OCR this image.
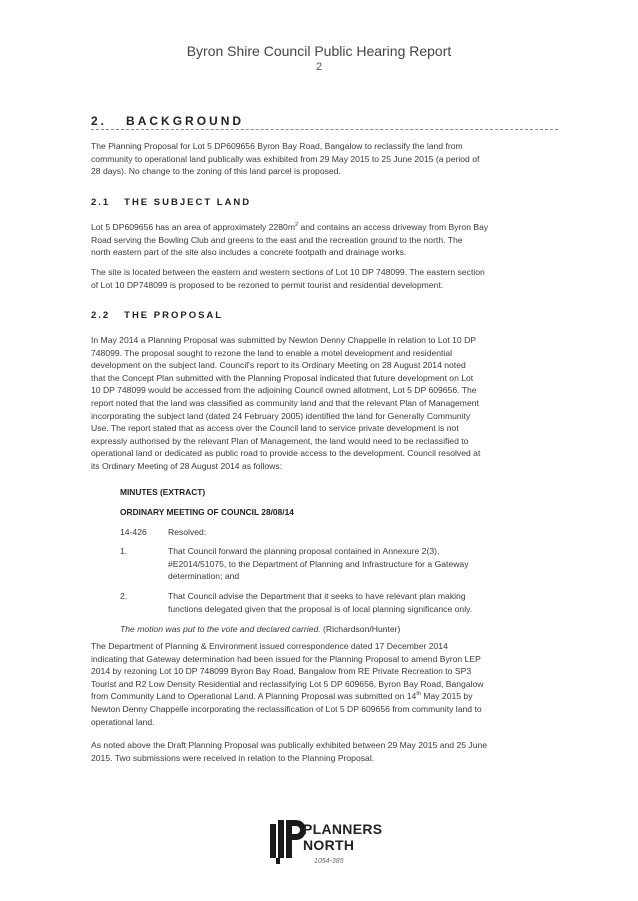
Byron Shire Council Public Hearing Report
2
2. BACKGROUND
The Planning Proposal for Lot 5 DP609656 Byron Bay Road, Bangalow to reclassify the land from
community to operational land publically was exhibited from 29 May 2015 to 25 June 2015 (a period of
28 days). No change to the zoning of this land parcel is proposed.
2.1 THE SUBJECT LAND
Lot 5 DP609656 has an area of approximately $2280m^2$ and contains an access driveway from Byron Bay
Road serving the Bowling Club and greens to the east and the recreation ground to the north. The
north eastern part of the site also includes a concrete footpath and drainage works.
The site is located between the eastern and western sections of Lot 10 DP 748099. The eastern section
of Lot 10 DP748099 is proposed to be rezoned to permit tourist and residential development.
2.2 THE PROPOSAL
In May 2014 a Planning Proposal was submitted by Newton Denny Chappelle in relation to Lot 10 DP
748099. The proposal sought to rezone the land to enable a motel development and residential
development on the subject land. Council's report to its Ordinary Meeting on 28 August 2014 noted
that the Concept Plan submitted with the Planning Proposal indicated that future development on Lot
10 DP 748099 would be accessed from the adjoining Council owned allotment, Lot 5 DP 609656. The
report noted that the land was classified as community land and that the relevant Plan of Management
incorporating the subject land (dated 24 February 2005) identified the land for Generally Community
Use. The report stated that as access over the Council land to service private development is not
expressly authorised by the relevant Plan of Management, the land would need to be reclassified to
operational land or dedicated as public road to provide access to the development. Council resolved at
its Ordinary Meeting of 28 August 2014 as follows:
MINUTES (EXTRACT)
ORDINARY MEETING OF COUNCIL 28/08/14
14-426 Resolved:
1.	That Council forward the planning proposal contained in Annexure 2(3),
#E2014/51075, to the Department of Planning and Infrastructure for a Gateway
determination; and
2.	That Council advise the Department that it seeks to have relevant plan making
functions delegated given that the proposal is of local planning significance only.
The motion was put to the vote and declared carried. (Richardson/Hunter)
The Department of Planning & Environment issued correspondence dated 17 December 2014
indicating that Gateway determination had been issued for the Planning Proposal to amend Byron LEP
2014 by rezoning Lot 10 DP 748099 Byron Bay Road, Bangalow from RE Private Recreation to SP3
Tourist and R2 Low Density Residential and reclassifying Lot 5 DP 609656, Byron Bay Road, Bangalow
from Community Land to Operational Land. A Planning Proposal was submitted on 14th May 2015 by
Newton Denny Chappelle incorporating the reclassification of Lot 5 DP 609656 from community land to
operational land.
As noted above the Draft Planning Proposal was publically exhibited between 29 May 2015 and 25 June
2015. Two submissions were received in relation to the Planning Proposal.
PLANNERS
NORTH
1054-385
